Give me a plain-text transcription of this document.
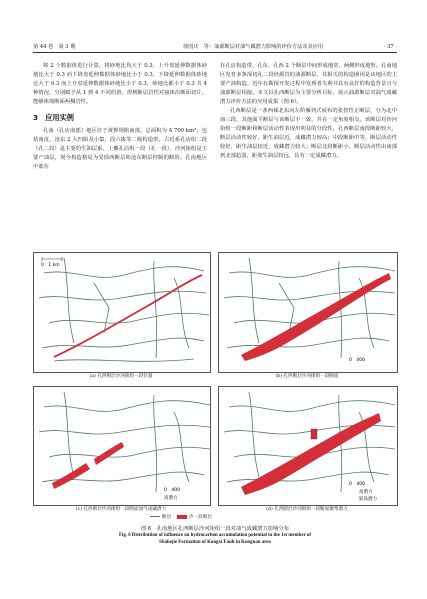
第 44 卷　第 3 期	徐国庆　等：油源断层对油气藏潜力影响的评价方法及其应用	· 37 ·

将 2 个数据体进行计算，将砂地比均大于 0.3，上升盘延伸数据体砂地比大于 0.3 而下降盘延伸数据体砂地比小于 0.3，下降延伸数据体砂地比大于 0.3 而上升盘延伸数据体砂地比小于 0.3，砂地比都小于 0.3 共 4 种情况，分别赋予从 1 到 4 不同的值，得到断层岩性对接体沿断面切片，能够体现断面两侧岩性。

3　应用实例

孔南（孔店南部）地区位于黄骅坳陷南部，总面积为 4 700 km²，包括南皮、沧东 2 大凹陷及小集、段六拨等二级构造带。古近系孔店组二段（孔二段）是主要的生油层系，上覆孔店组一段（孔一段）、沙河街组是主要产油层，现今构造格局为受徐西断层和沧东断层控制的断阶。孔南地区中部存

在孔店构造带、孔东、孔西 2 个断层中间形成地垒，两侧形成地堑。孔南地区发育多条深切孔二段烃源岩的油源断层，其相关的构造圈闭是该地区的主要产油构造。近年在勘探开发过程中发现者失利井具有良好的构造背景且与油源断层相接。本文以孔西断层为主要分析目标，展示油源断层对油气成藏潜力评价方法的应用成果（图 6）。

孔西断层是一条西倾北东向左阶雁列式展布的张扭性正断层，分为北中南三段，其他面平断层与该断层不一致，并在一定角度相交。该断层对沙河街组一段断距和断层活动性表现出明显的分段性，孔西断层南段断距较大，断层活动性较好，距生油层近，成藏潜力较高；中段断距中等，断层活动性较好，距生油层较近，成藏潜力较大；断层北段断距小，断层活动性由南部到北部趋弱，距离生油层较远，具有一定成藏潜力。

0　1 km
(a) 孔西断层沙河街组一段位置
0　400
(b) 孔西断层沙河街组一段断面
0　400
高潜力
(c) 孔西断层沙河街组一段断面油气成藏潜力
0　400
高潜力
较高潜力
(d) 孔西断层沙河街组一段断面聚集潜力
断层	沙一段断层
图 6　孔南地区孔西断层沙河街组一段对油气成藏潜力影响分布
Fig. 6 Distribution of influence on hydrocarbon accumulation potential in the 1st member of
Shahejie Formation of Kongxi Fault in Kongnan area
